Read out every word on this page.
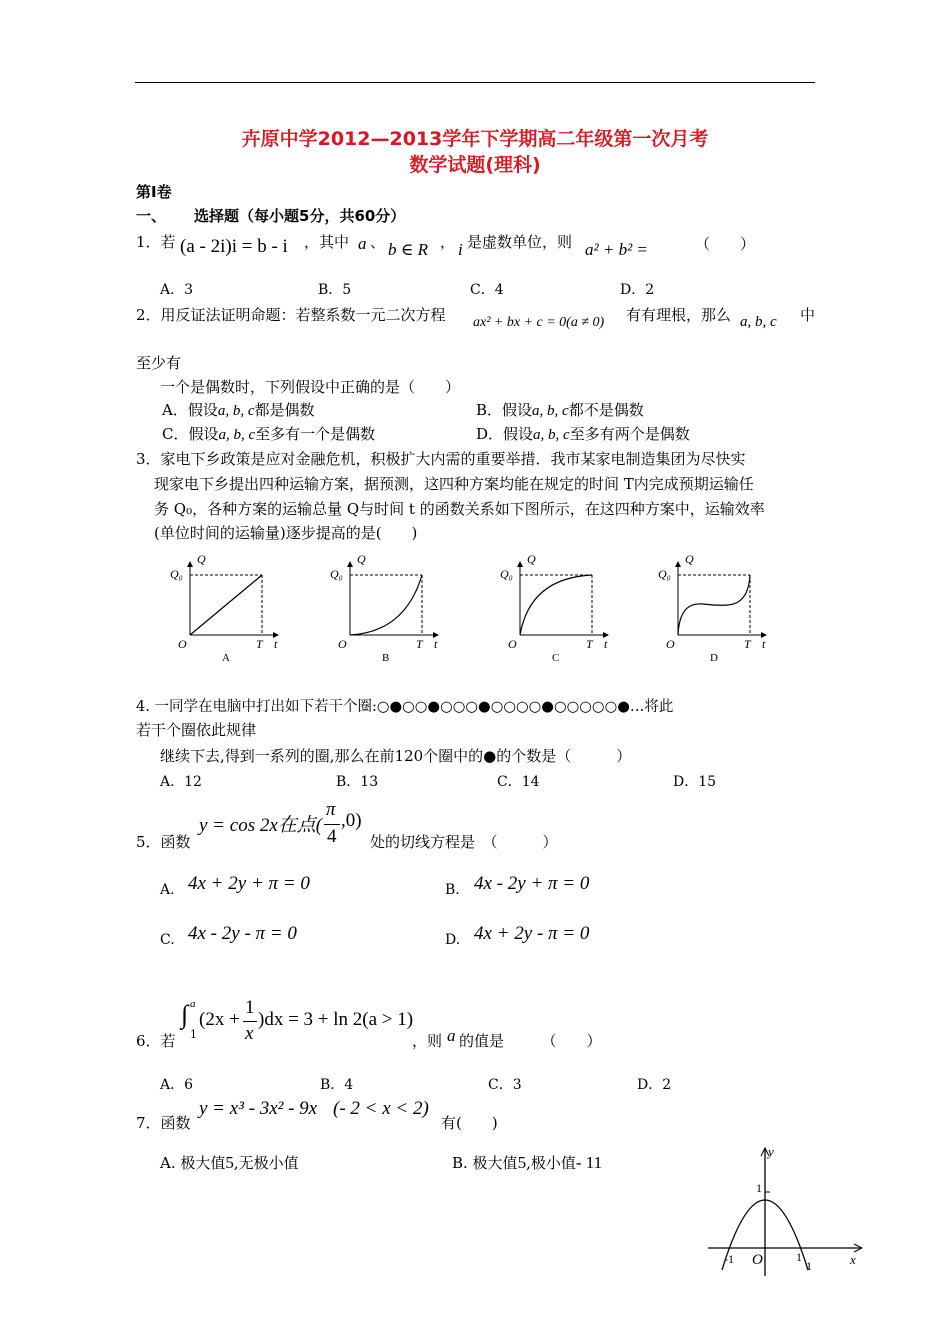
卉原中学2012—2013学年下学期高二年级第一次月考
数学试题(理科)
第Ⅰ卷
一、 选择题（每小题5分，共60分）
1．若 (a - 2i)i = b - i ，其中 a 、 b ∈ R ， i 是虚数单位，则 a² + b² =	（　　）
A．3	B．5	C．4	D．2
2．用反证法证明命题：若整系数一元二次方程 ax² + bx + c = 0(a ≠ 0) 有有理根，那么 a, b, c 中
至少有
一个是偶数时，下列假设中正确的是（　　）
A．假设a, b, c都是偶数	B．假设a, b, c都不是偶数
C．假设a, b, c至多有一个是偶数	D．假设a, b, c至多有两个是偶数
3．家电下乡政策是应对金融危机，积极扩大内需的重要举措．我市某家电制造集团为尽快实
现家电下乡提出四种运输方案，据预测，这四种方案均能在规定的时间 T内完成预期运输任
务 Q₀，各种方案的运输总量 Q与时间 t 的函数关系如下图所示，在这四种方案中，运输效率
(单位时间的运输量)逐步提高的是(　　)
Q₀
Q
O	T t
A
Q₀
Q
O	T t
B
Q₀
Q
O	T t
C
Q₀
Q
O	T t
D
4. 一同学在电脑中打出如下若干个圈:○●○○●○○○●○○○○●○○○○○●…将此
若干个圈依此规律
继续下去,得到一系列的圈,那么在前120个圈中的●的个数是（　　　）
A．12	B．13	C．14	D．15
y = cos 2x在点(
π
4
,0)
5．函数	处的切线方程是　（　　　）
A. 4x + 2y + π = 0	B. 4x - 2y + π = 0
C. 4x - 2y - π = 0	D. 4x + 2y - π = 0
6．若
∫ a
1
(2x +
1
x
)dx = 3 + ln 2(a > 1)
，则 a 的值是　　　（　　）
A．6	B．4	C．3	D．2
7．函数
y = x³ - 3x² - 9x (- 2 < x < 2)
有(　　)
A. 极大值5,无极小值	B. 极大值5,极小值- 11
y
x
1
O
-1	1
1
